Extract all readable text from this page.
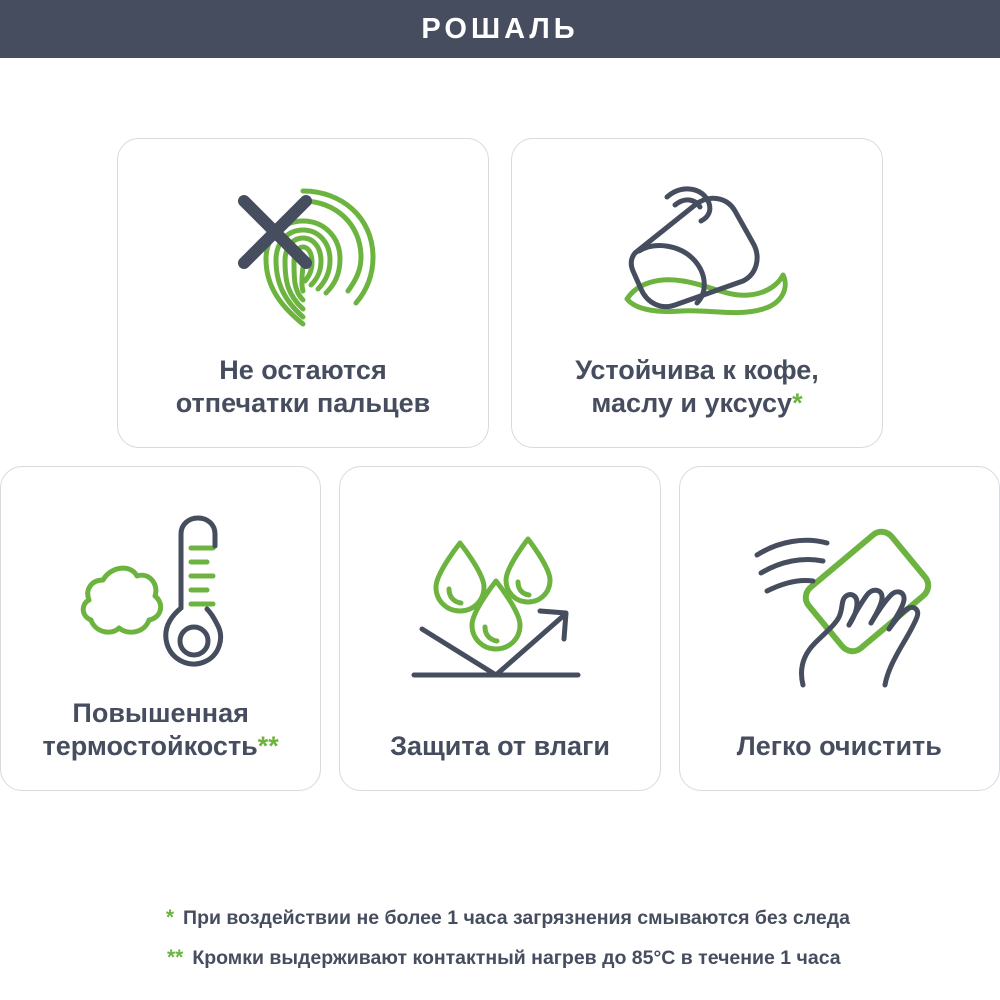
РОШАЛЬ
Не остаются
отпечатки пальцев
Устойчива к кофе,
маслу и уксусу*
Повышенная
термостойкость**	Защита от влаги	Легко очистить
* При воздействии не более 1 часа загрязнения смываются без следа
** Кромки выдерживают контактный нагрев до 85°С в течение 1 часа
